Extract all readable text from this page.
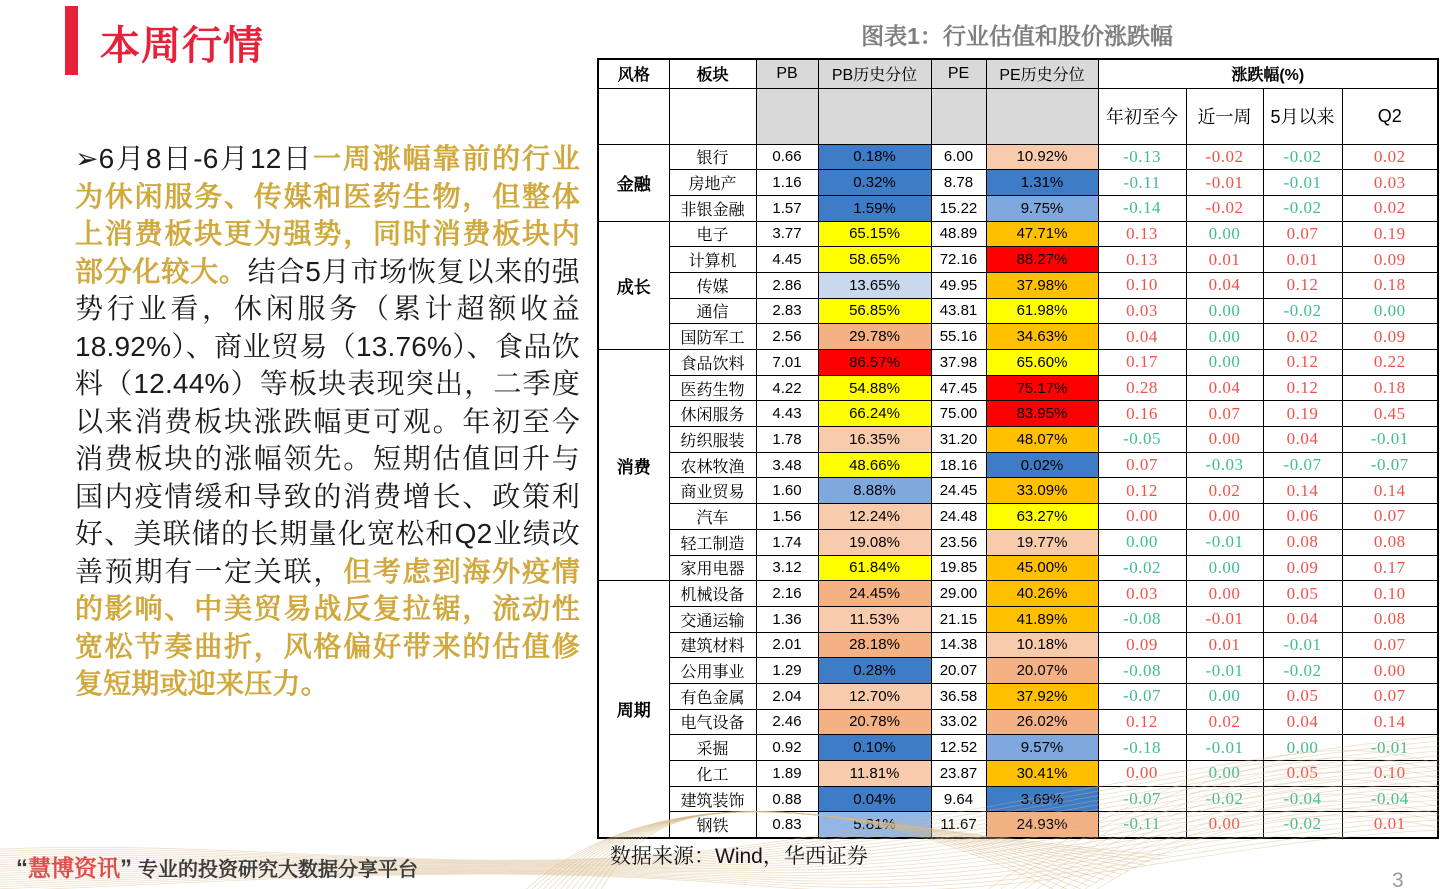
本周行情
➢6月8日-6月12日一周涨幅靠前的行业为休闲服务、传媒和医药生物，但整体上消费板块更为强势，同时消费板块内部分化较大。结合5月市场恢复以来的强势行业看，休闲服务（累计超额收益18.92%）、商业贸易（13.76%）、食品饮料（12.44%）等板块表现突出，二季度以来消费板块涨跌幅更可观。年初至今消费板块的涨幅领先。短期估值回升与国内疫情缓和导致的消费增长、政策利好、美联储的长期量化宽松和Q2业绩改善预期有一定关联，但考虑到海外疫情的影响、中美贸易战反复拉锯，流动性宽松节奏曲折，风格偏好带来的估值修复短期或迎来压力。
图表1：行业估值和股价涨跌幅
风格	板块	PB	PB历史分位	PE	PE历史分位	涨跌幅(%)			
						年初至今	近一周	5月以来	Q2
金融	银行	0.66	0.18%	6.00	10.92%	-0.13	-0.02	-0.02	0.02
	房地产	1.16	0.32%	8.78	1.31%	-0.11	-0.01	-0.01	0.03
	非银金融	1.57	1.59%	15.22	9.75%	-0.14	-0.02	-0.02	0.02
成长	电子	3.77	65.15%	48.89	47.71%	0.13	0.00	0.07	0.19
	计算机	4.45	58.65%	72.16	88.27%	0.13	0.01	0.01	0.09
	传媒	2.86	13.65%	49.95	37.98%	0.10	0.04	0.12	0.18
	通信	2.83	56.85%	43.81	61.98%	0.03	0.00	-0.02	0.00
	国防军工	2.56	29.78%	55.16	34.63%	0.04	0.00	0.02	0.09
消费	食品饮料	7.01	86.57%	37.98	65.60%	0.17	0.00	0.12	0.22
	医药生物	4.22	54.88%	47.45	75.17%	0.28	0.04	0.12	0.18
	休闲服务	4.43	66.24%	75.00	83.95%	0.16	0.07	0.19	0.45
	纺织服装	1.78	16.35%	31.20	48.07%	-0.05	0.00	0.04	-0.01
	农林牧渔	3.48	48.66%	18.16	0.02%	0.07	-0.03	-0.07	-0.07
	商业贸易	1.60	8.88%	24.45	33.09%	0.12	0.02	0.14	0.14
	汽车	1.56	12.24%	24.48	63.27%	0.00	0.00	0.06	0.07
	轻工制造	1.74	19.08%	23.56	19.77%	0.00	-0.01	0.08	0.08
	家用电器	3.12	61.84%	19.85	45.00%	-0.02	0.00	0.09	0.17
周期	机械设备	2.16	24.45%	29.00	40.26%	0.03	0.00	0.05	0.10
	交通运输	1.36	11.53%	21.15	41.89%	-0.08	-0.01	0.04	0.08
	建筑材料	2.01	28.18%	14.38	10.18%	0.09	0.01	-0.01	0.07
	公用事业	1.29	0.28%	20.07	20.07%	-0.08	-0.01	-0.02	0.00
	有色金属	2.04	12.70%	36.58	37.92%	-0.07	0.00	0.05	0.07
	电气设备	2.46	20.78%	33.02	26.02%	0.12	0.02	0.04	0.14
	采掘	0.92	0.10%	12.52	9.57%	-0.18	-0.01	0.00	-0.01
	化工	1.89	11.81%	23.87	30.41%	0.00	0.00	0.05	0.10
	建筑装饰	0.88	0.04%	9.64	3.69%	-0.07	-0.02	-0.04	-0.04
	钢铁	0.83	5.81%	11.67	24.93%	-0.11	0.00	-0.02	0.01
数据来源：Wind，华西证券
“慧博资讯” 专业的投资研究大数据分享平台	3
